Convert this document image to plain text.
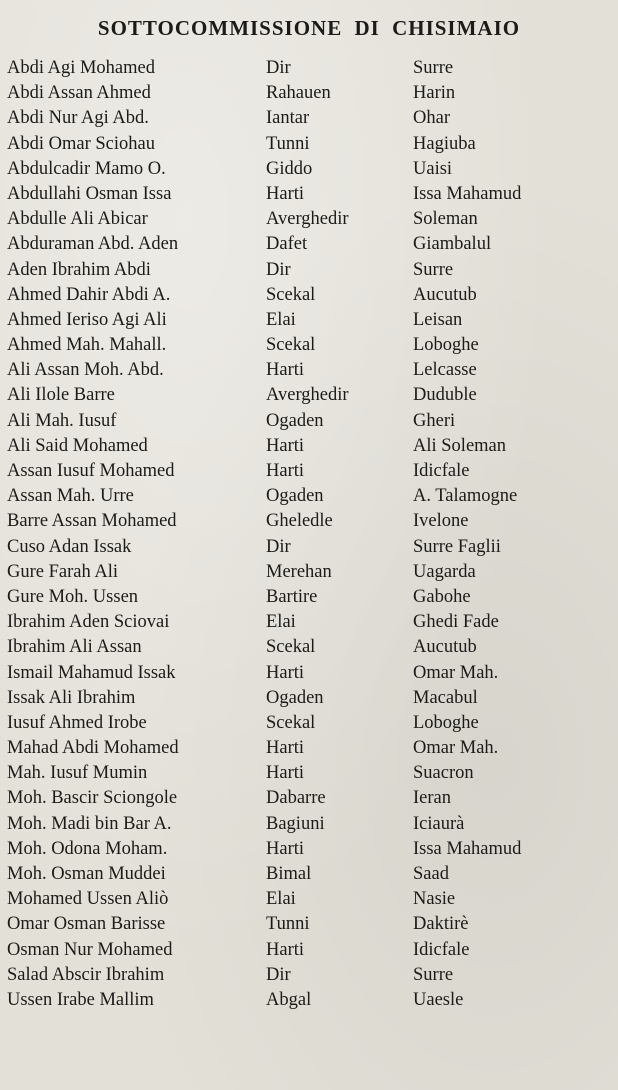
SOTTOCOMMISSIONE DI CHISIMAIO
Abdi Agi Mohamed	Dir	Surre
Abdi Assan Ahmed	Rahauen	Harin
Abdi Nur Agi Abd.	Iantar	Ohar
Abdi Omar Sciohau	Tunni	Hagiuba
Abdulcadir Mamo O.	Giddo	Uaisi
Abdullahi Osman Issa	Harti	Issa Mahamud
Abdulle Ali Abicar	Averghedir	Soleman
Abduraman Abd. Aden	Dafet	Giambalul
Aden Ibrahim Abdi	Dir	Surre
Ahmed Dahir Abdi A.	Scekal	Aucutub
Ahmed Ieriso Agi Ali	Elai	Leisan
Ahmed Mah. Mahall.	Scekal	Loboghe
Ali Assan Moh. Abd.	Harti	Lelcasse
Ali Ilole Barre	Averghedir	Duduble
Ali Mah. Iusuf	Ogaden	Gheri
Ali Said Mohamed	Harti	Ali Soleman
Assan Iusuf Mohamed	Harti	Idicfale
Assan Mah. Urre	Ogaden	A. Talamogne
Barre Assan Mohamed	Gheledle	Ivelone
Cuso Adan Issak	Dir	Surre Faglii
Gure Farah Ali	Merehan	Uagarda
Gure Moh. Ussen	Bartire	Gabohe
Ibrahim Aden Sciovai	Elai	Ghedi Fade
Ibrahim Ali Assan	Scekal	Aucutub
Ismail Mahamud Issak	Harti	Omar Mah.
Issak Ali Ibrahim	Ogaden	Macabul
Iusuf Ahmed Irobe	Scekal	Loboghe
Mahad Abdi Mohamed	Harti	Omar Mah.
Mah. Iusuf Mumin	Harti	Suacron
Moh. Bascir Sciongole	Dabarre	Ieran
Moh. Madi bin Bar A.	Bagiuni	Iciaurà
Moh. Odona Moham.	Harti	Issa Mahamud
Moh. Osman Muddei	Bimal	Saad
Mohamed Ussen Aliò	Elai	Nasie
Omar Osman Barisse	Tunni	Daktirè
Osman Nur Mohamed	Harti	Idicfale
Salad Abscir Ibrahim	Dir	Surre
Ussen Irabe Mallim	Abgal	Uaesle
